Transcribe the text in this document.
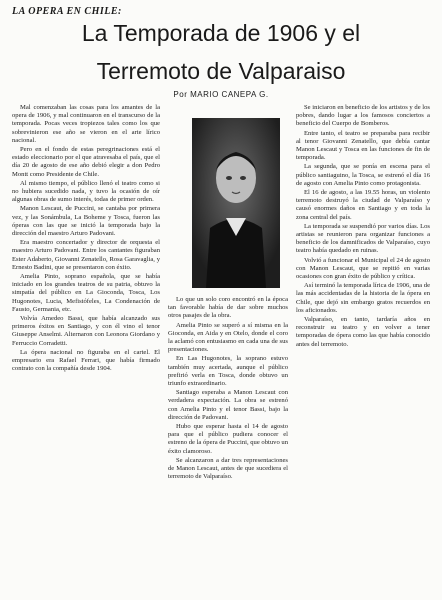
LA OPERA EN CHILE:
La Temporada de 1906 y el
Terremoto de Valparaiso
Por MARIO CANEPA G.

Mal comenzaban las cosas para los amantes de la opera de 1906, y mal continuaron en el transcurso de la temporada. Pocas veces tropiezos tales como los que sobrevinieron ese año se vieron en el arte lírico nacional.

Pero en el fondo de estas peregrinaciones está el estado eleccionario por el que atravesaba el país, que el día 20 de agosto de ese año debió elegir a don Pedro Montt como Presidente de Chile.

Al mismo tiempo, el público llenó el teatro como si no hubiera sucedido nada, y tuvo la ocasión de oír algunas obras de sumo interés, todas de primer orden.

Manon Lescaut, de Puccini, se cantaba por primera vez, y las Sonámbula, La Boheme y Tosca, fueron las óperas con las que se inició la temporada bajo la dirección del maestro Arturo Padovani.

Era maestro concertador y director de orquesta el maestro Arturo Padovani. Entre los cantantes figuraban Ester Adaberto, Giovanni Zenatello, Rosa Garavaglia, y Ernesto Badini, que se presentaron con éxito.

Amelia Pinto, soprano española, que se había iniciado en los grandes teatros de su patria, obtuvo la simpatía del público en La Gioconda, Tosca, Los Hugonotes, Lucia, Mefistófeles, La Condenación de Fausto, Germania, etc.

Volvía Amedeo Bassi, que había alcanzado sus primeros éxitos en Santiago, y con él vino el tenor Giuseppe Anselmi. Alternaron con Leonora Giordano y Ferruccio Corradetti.

La ópera nacional no figuraba en el cartel. El empresario era Rafael Ferrari, que había firmado contrato con la compañía desde 1904.

Lo que un solo coro encontró en la época tan favorable había de dar sobre muchos otros pasajes de la obra.

Amelia Pinto se superó a sí misma en la Gioconda, en Aida y en Otelo, donde el coro la aclamó con entusiasmo en cada una de sus presentaciones.

En Las Hugonotes, la soprano estuvo también muy acertada, aunque el público prefirió verla en Tosca, donde obtuvo un triunfo extraordinario.

Santiago esperaba a Manon Lescaut con verdadera expectación. La obra se estrenó con Amelia Pinto y el tenor Bassi, bajo la dirección de Padovani.

Hubo que esperar hasta el 14 de agosto para que el público pudiera conocer el estreno de la ópera de Puccini, que obtuvo un éxito clamoroso.

Se alcanzaron a dar tres representaciones de Manon Lescaut, antes de que sucediera el terremoto de Valparaíso.

Se iniciaron en beneficio de los artistos y de los pobres, dando lugar a los famosos conciertos a beneficio del Cuerpo de Bomberos.

Entre tanto, el teatro se preparaba para recibir al tenor Giovanni Zenatello, que debía cantar Manon Lescaut y Tosca en las funciones de fin de temporada.

La segunda, que se ponía en escena para el público santiaguino, la Tosca, se estrenó el día 16 de agosto con Amelia Pinto como protagonista.

El 16 de agosto, a las 19.55 horas, un violento terremoto destruyó la ciudad de Valparaíso y causó enormes daños en Santiago y en toda la zona central del país.

La temporada se suspendió por varios días. Los artistas se reunieron para organizar funciones a beneficio de los damnificados de Valparaíso, cuyo teatro había quedado en ruinas.

Volvió a funcionar el Municipal el 24 de agosto con Manon Lescaut, que se repitió en varias ocasiones con gran éxito de público y crítica.

Así terminó la temporada lírica de 1906, una de las más accidentadas de la historia de la ópera en Chile, que dejó sin embargo gratos recuerdos en los aficionados.

Valparaíso, en tanto, tardaría años en reconstruir su teatro y en volver a tener temporadas de ópera como las que había conocido antes del terremoto.
